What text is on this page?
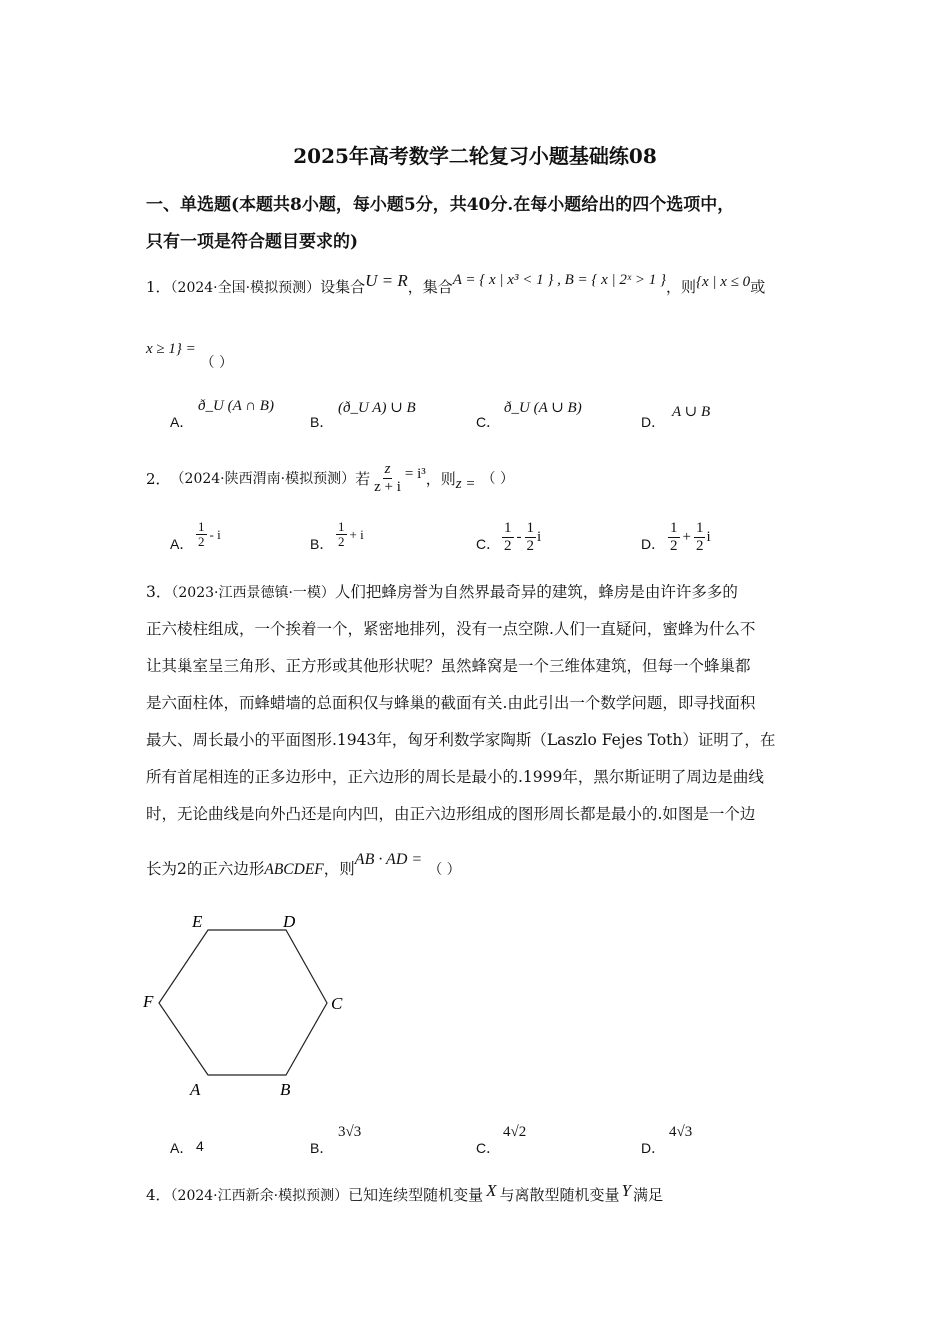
2025年高考数学二轮复习小题基础练08
一、单选题(本题共8小题，每小题5分，共40分.在每小题给出的四个选项中，
只有一项是符合题目要求的)
1．（2024·全国·模拟预测）设集合U = R，集合A = { x | x³ < 1 } , B = { x | 2ˣ > 1 }，则{x | x ≤ 0或
x ≥ 1} = （ ）
A．
ð_U (A ∩ B)
B．
(ð_U A) ∪ B
C．
ð_U (A ∪ B)
D．
A ∪ B
2． （2024·陕西渭南·模拟预测） 若 $\frac{z}{z + i} = i^3$ ，则 z = （ ）
A． $\frac{1}{2}$ - i
B． $\frac{1}{2} + i$
C． $\frac{1}{2} - \frac{1}{2}$ i	D． $\frac{1}{2} + \frac{1}{2}$ i
3．（2023·江西景德镇·一模）人们把蜂房誉为自然界最奇异的建筑，蜂房是由许许多多的
正六棱柱组成，一个挨着一个，紧密地排列，没有一点空隙.人们一直疑问，蜜蜂为什么不
让其巢室呈三角形、正方形或其他形状呢？虽然蜂窝是一个三维体建筑，但每一个蜂巢都
是六面柱体，而蜂蜡墙的总面积仅与蜂巢的截面有关.由此引出一个数学问题，即寻找面积
最大、周长最小的平面图形.1943年，匈牙利数学家陶斯（Laszlo Fejes Toth）证明了，在
所有首尾相连的正多边形中，正六边形的周长是最小的.1999年，黑尔斯证明了周边是曲线
时，无论曲线是向外凸还是向内凹，由正六边形组成的图形周长都是最小的.如图是一个边
长为2的正六边形ABCDEF，则AB · AD =（ ）
E	D
C
F
A	B
A． 4	B．
3√3
C．
4√2
D．
4√3
4．（2024·江西新余·模拟预测）已知连续型随机变量 X 与离散型随机变量 Y 满足
